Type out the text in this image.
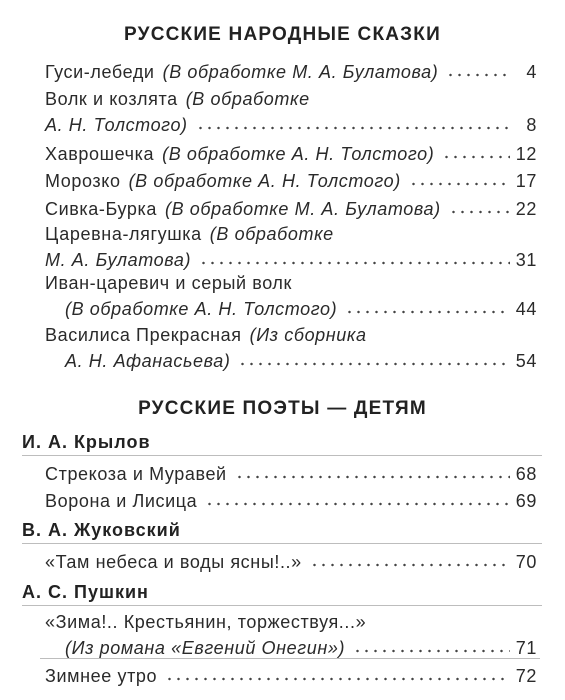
РУССКИЕ НАРОДНЫЕ СКАЗКИ
Гуси-лебеди (В обработке М. А. Булатова)	4
Волк и козлята (В обработке
А. Н. Толстого)	8
Хаврошечка (В обработке А. Н. Толстого)	12
Морозко (В обработке А. Н. Толстого)	17
Сивка-Бурка (В обработке М. А. Булатова)	22
Царевна-лягушка (В обработке
М. А. Булатова)	31
Иван-царевич и серый волк
(В обработке А. Н. Толстого)	44
Василиса Прекрасная (Из сборника
А. Н. Афанасьева)	54
РУССКИЕ ПОЭТЫ — ДЕТЯМ
И. А. Крылов
Стрекоза и Муравей	68
Ворона и Лисица	69
В. А. Жуковский
«Там небеса и воды ясны!..»	70
А. С. Пушкин
«Зима!.. Крестьянин, торжествуя...»
(Из романа «Евгений Онегин»)	71
Зимнее утро	72
